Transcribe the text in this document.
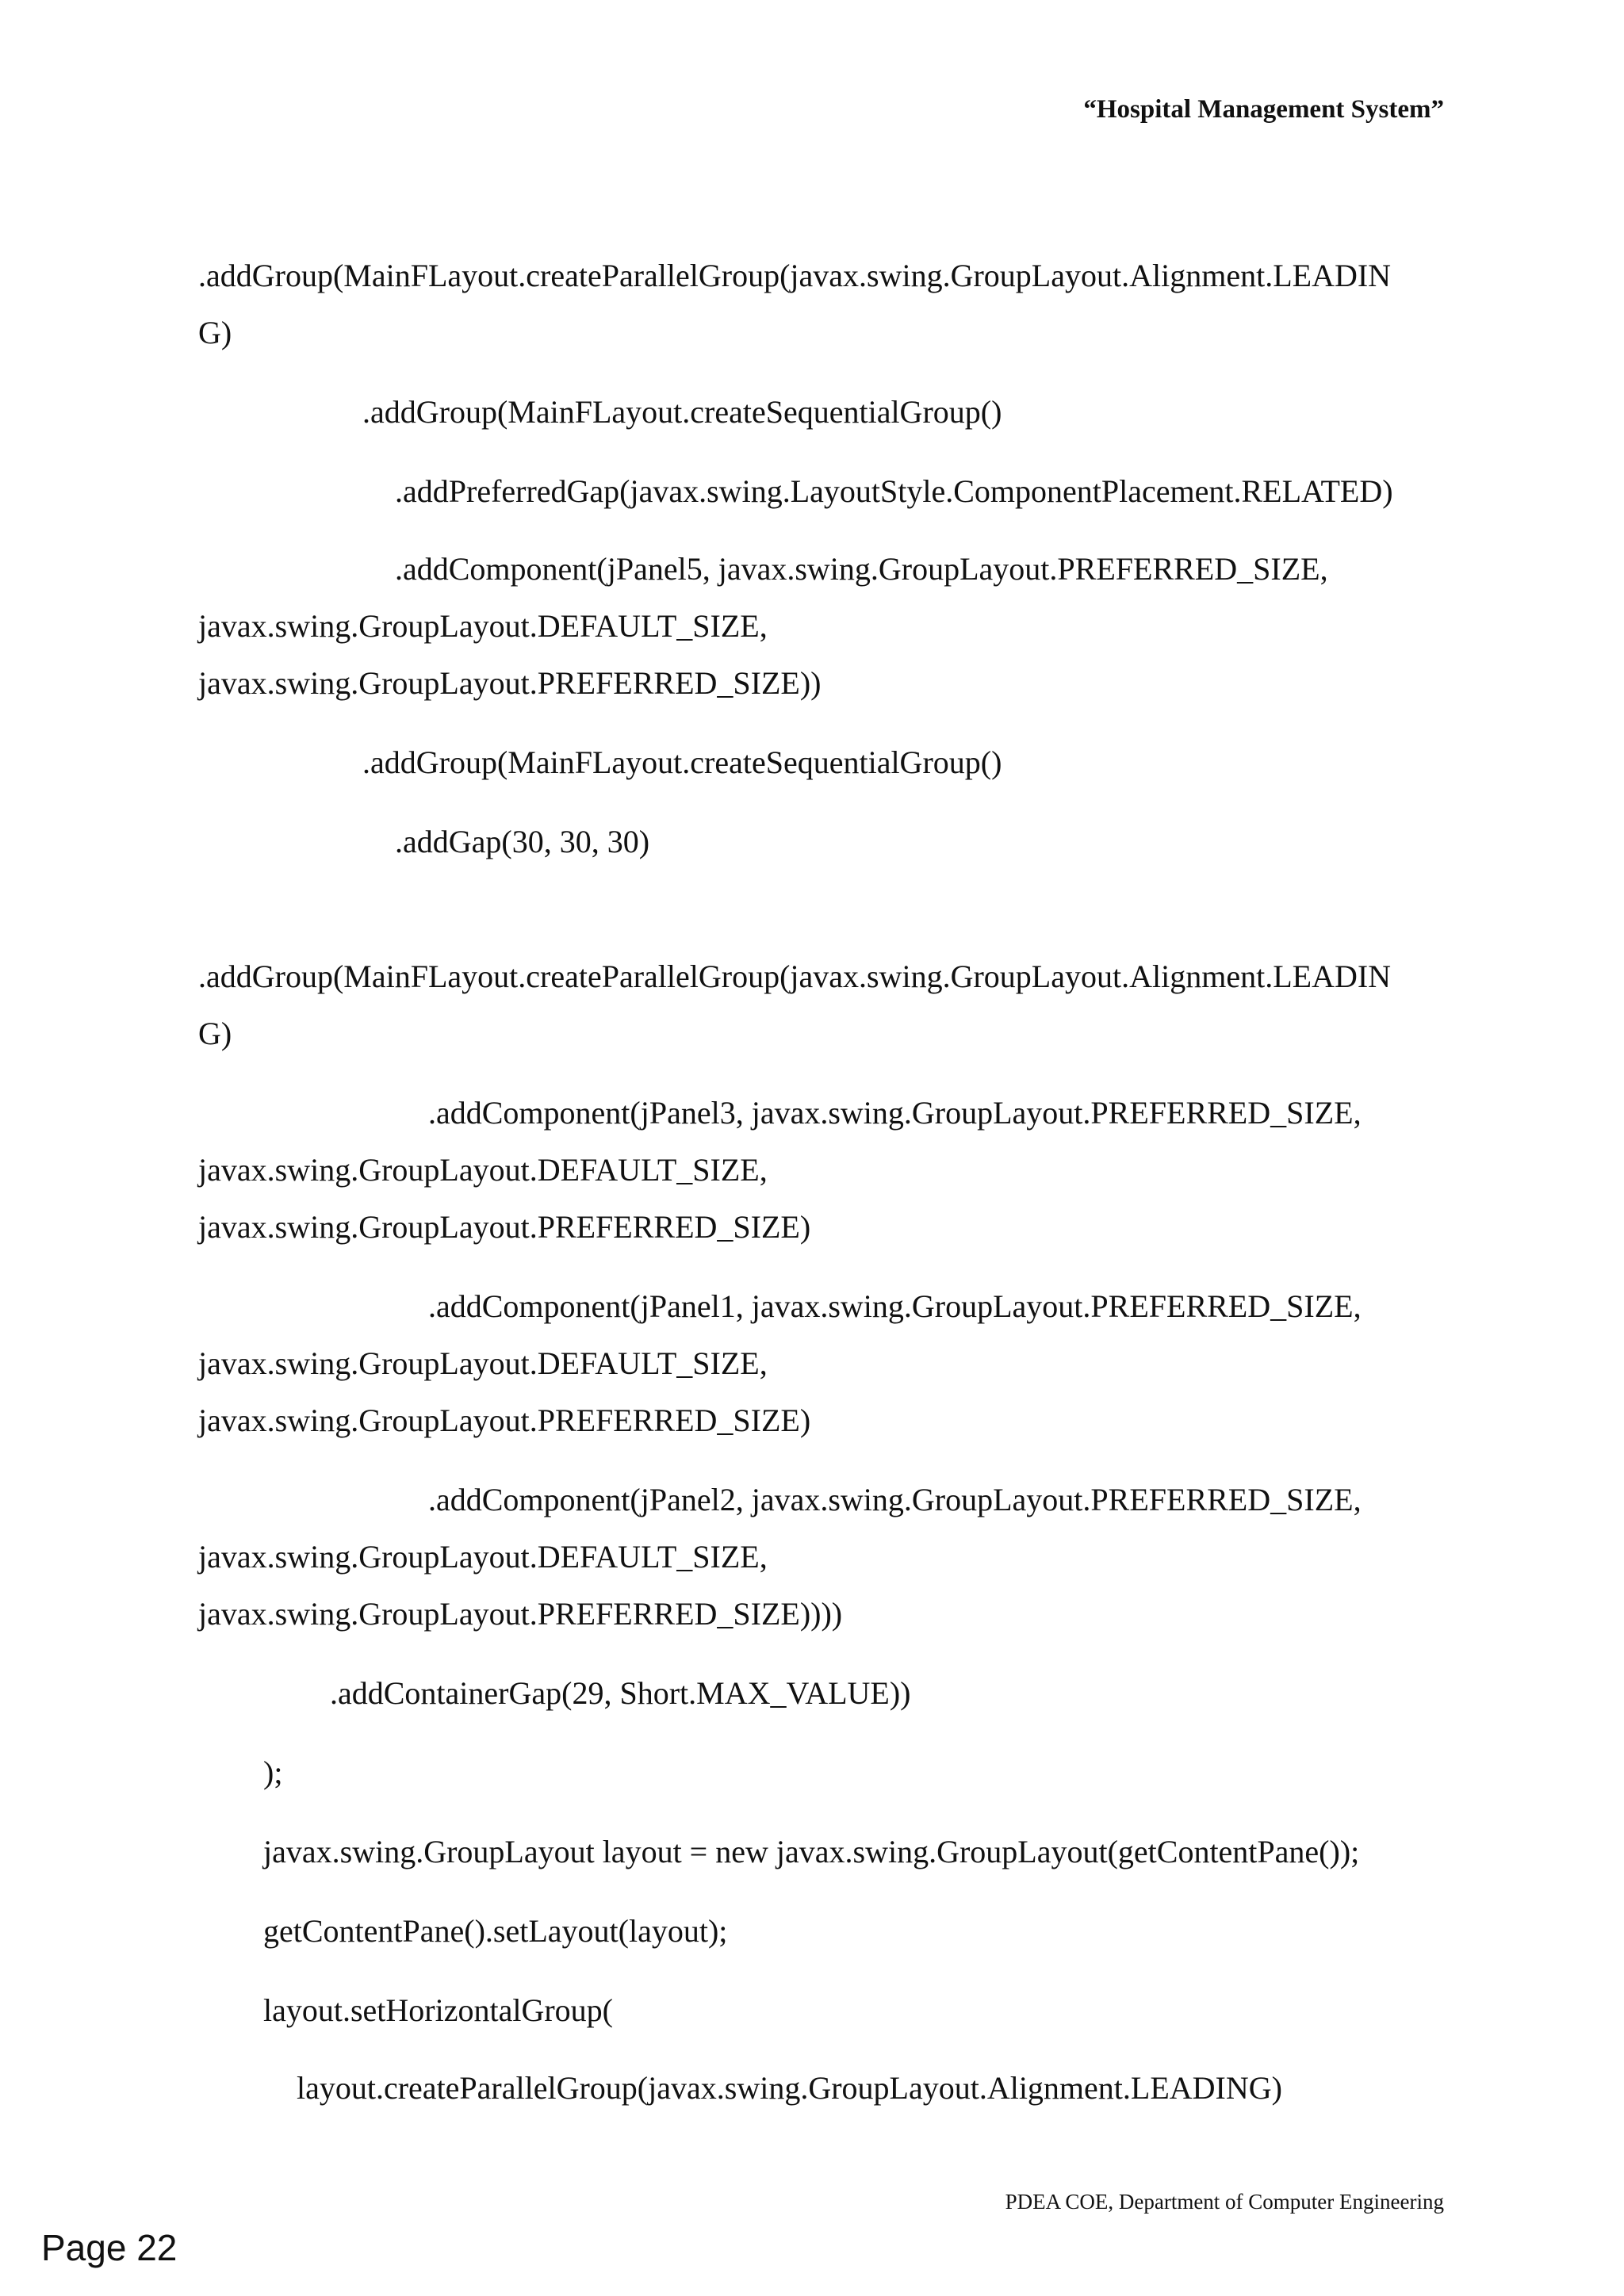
“Hospital Management System”
.addGroup(MainFLayout.createParallelGroup(javax.swing.GroupLayout.Alignment.LEADIN
G)
.addGroup(MainFLayout.createSequentialGroup()
.addPreferredGap(javax.swing.LayoutStyle.ComponentPlacement.RELATED)
.addComponent(jPanel5, javax.swing.GroupLayout.PREFERRED_SIZE,
javax.swing.GroupLayout.DEFAULT_SIZE,
javax.swing.GroupLayout.PREFERRED_SIZE))
.addGroup(MainFLayout.createSequentialGroup()
.addGap(30, 30, 30)
.addGroup(MainFLayout.createParallelGroup(javax.swing.GroupLayout.Alignment.LEADIN
G)
.addComponent(jPanel3, javax.swing.GroupLayout.PREFERRED_SIZE,
javax.swing.GroupLayout.DEFAULT_SIZE,
javax.swing.GroupLayout.PREFERRED_SIZE)
.addComponent(jPanel1, javax.swing.GroupLayout.PREFERRED_SIZE,
javax.swing.GroupLayout.DEFAULT_SIZE,
javax.swing.GroupLayout.PREFERRED_SIZE)
.addComponent(jPanel2, javax.swing.GroupLayout.PREFERRED_SIZE,
javax.swing.GroupLayout.DEFAULT_SIZE,
javax.swing.GroupLayout.PREFERRED_SIZE))))
.addContainerGap(29, Short.MAX_VALUE))
);
javax.swing.GroupLayout layout = new javax.swing.GroupLayout(getContentPane());
getContentPane().setLayout(layout);
layout.setHorizontalGroup(
layout.createParallelGroup(javax.swing.GroupLayout.Alignment.LEADING)
PDEA COE, Department of Computer Engineering
Page 22
